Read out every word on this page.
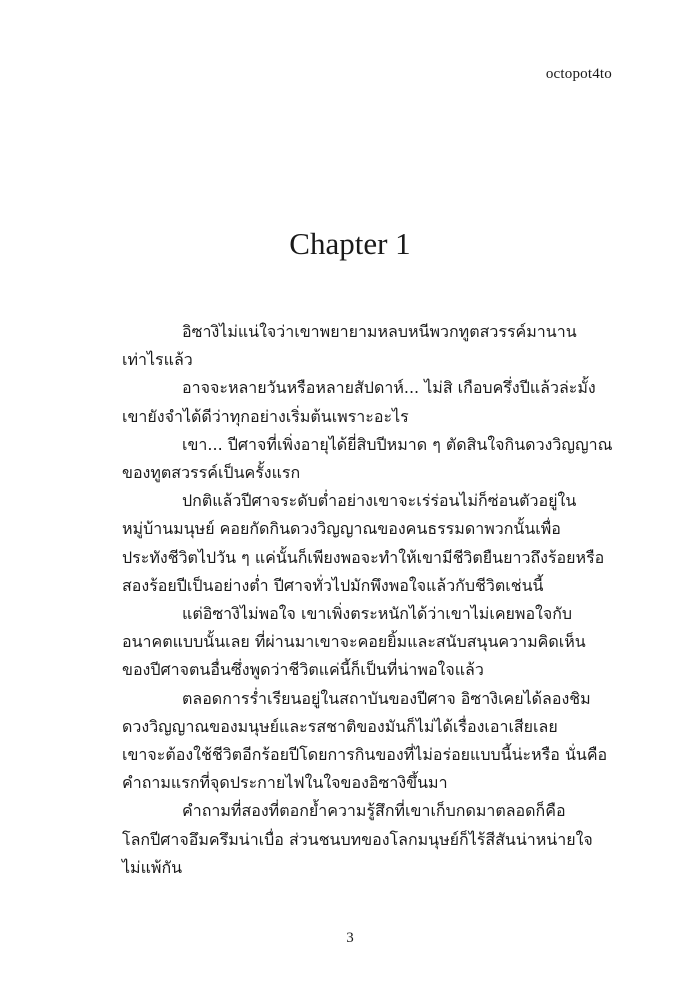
octopot4to
Chapter 1

อิซางิไม่แน่ใจว่าเขาพยายามหลบหนีพวกทูตสวรรค์มานาน
เท่าไรแล้ว

อาจจะหลายวันหรือหลายสัปดาห์... ไม่สิ เกือบครึ่งปีแล้วล่ะมั้ง
เขายังจำได้ดีว่าทุกอย่างเริ่มต้นเพราะอะไร

เขา... ปีศาจที่เพิ่งอายุได้ยี่สิบปีหมาด ๆ ตัดสินใจกินดวงวิญญาณ
ของทูตสวรรค์เป็นครั้งแรก

ปกติแล้วปีศาจระดับต่ำอย่างเขาจะเร่ร่อนไม่ก็ซ่อนตัวอยู่ใน
หมู่บ้านมนุษย์ คอยกัดกินดวงวิญญาณของคนธรรมดาพวกนั้นเพื่อ
ประทังชีวิตไปวัน ๆ แค่นั้นก็เพียงพอจะทำให้เขามีชีวิตยืนยาวถึงร้อยหรือ
สองร้อยปีเป็นอย่างต่ำ ปีศาจทั่วไปมักพึงพอใจแล้วกับชีวิตเช่นนี้

แต่อิซางิไม่พอใจ เขาเพิ่งตระหนักได้ว่าเขาไม่เคยพอใจกับ
อนาคตแบบนั้นเลย ที่ผ่านมาเขาจะคอยยิ้มและสนับสนุนความคิดเห็น
ของปีศาจตนอื่นซึ่งพูดว่าชีวิตแค่นี้ก็เป็นที่น่าพอใจแล้ว

ตลอดการร่ำเรียนอยู่ในสถาบันของปีศาจ อิซางิเคยได้ลองชิม
ดวงวิญญาณของมนุษย์และรสชาติของมันก็ไม่ได้เรื่องเอาเสียเลย
เขาจะต้องใช้ชีวิตอีกร้อยปีโดยการกินของที่ไม่อร่อยแบบนี้น่ะหรือ นั่นคือ
คำถามแรกที่จุดประกายไฟในใจของอิซางิขึ้นมา

คำถามที่สองที่ตอกย้ำความรู้สึกที่เขาเก็บกดมาตลอดก็คือ
โลกปีศาจอึมครึมน่าเบื่อ ส่วนชนบทของโลกมนุษย์ก็ไร้สีสันน่าหน่ายใจ
ไม่แพ้กัน

3
